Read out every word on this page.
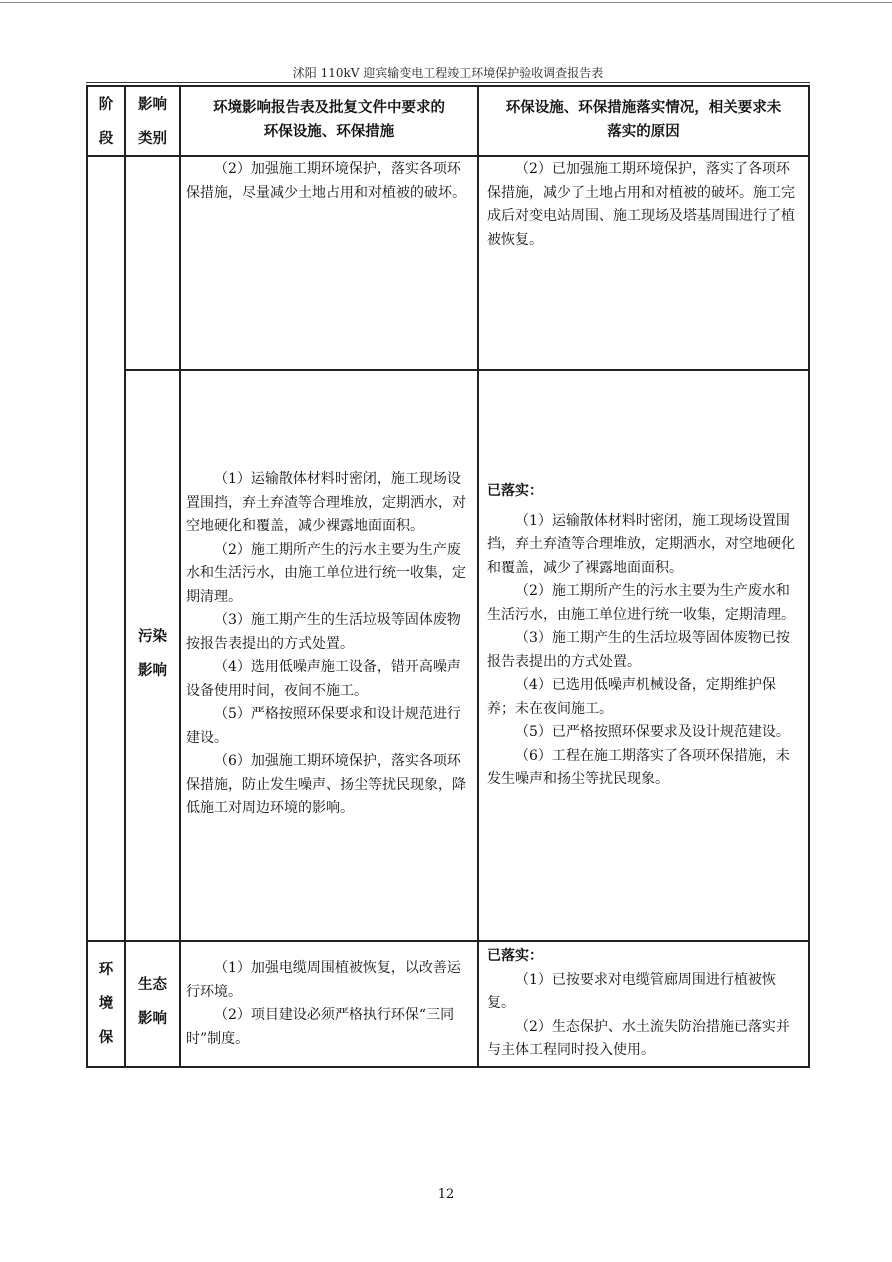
沭阳 110kV 迎宾输变电工程竣工环境保护验收调查报告表
阶
段
影响
类别
环境影响报告表及批复文件中要求的
环保设施、环保措施
环保设施、环保措施落实情况，相关要求未
落实的原因

（2）加强施工期环境保护，落实各项环保措施，尽量减少土地占用和对植被的破坏。

（2）已加强施工期环境保护，落实了各项环保措施，减少了土地占用和对植被的破坏。施工完成后对变电站周围、施工现场及塔基周围进行了植被恢复。

污染
影响

（1）运输散体材料时密闭，施工现场设置围挡，弃土弃渣等合理堆放，定期洒水，对空地硬化和覆盖，减少裸露地面面积。

（2）施工期所产生的污水主要为生产废水和生活污水，由施工单位进行统一收集，定期清理。

（3）施工期产生的生活垃圾等固体废物按报告表提出的方式处置。

（4）选用低噪声施工设备，错开高噪声设备使用时间，夜间不施工。

（5）严格按照环保要求和设计规范进行建设。

（6）加强施工期环境保护，落实各项环保措施，防止发生噪声、扬尘等扰民现象，降低施工对周边环境的影响。

已落实：

（1）运输散体材料时密闭，施工现场设置围挡，弃土弃渣等合理堆放，定期洒水，对空地硬化和覆盖，减少了裸露地面面积。

（2）施工期所产生的污水主要为生产废水和生活污水，由施工单位进行统一收集，定期清理。

（3）施工期产生的生活垃圾等固体废物已按报告表提出的方式处置。

（4）已选用低噪声机械设备，定期维护保养；未在夜间施工。

（5）已严格按照环保要求及设计规范建设。

（6）工程在施工期落实了各项环保措施，未发生噪声和扬尘等扰民现象。

环
境
保
生态
影响

（1）加强电缆周围植被恢复，以改善运行环境。

（2）项目建设必须严格执行环保“三同时”制度。

已落实：

（1）已按要求对电缆管廊周围进行植被恢复。

（2）生态保护、水土流失防治措施已落实并与主体工程同时投入使用。

12
